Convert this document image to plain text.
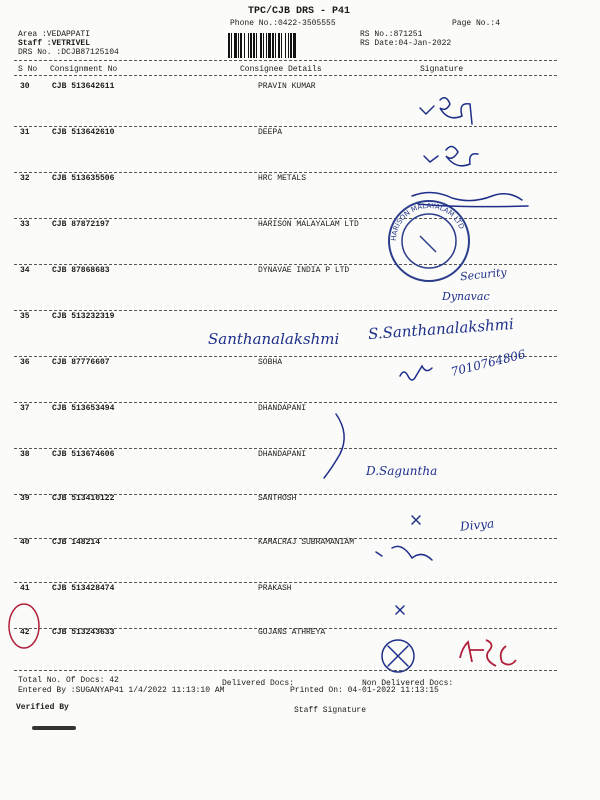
TPC/CJB DRS - P41
Phone No.:0422-3505555	Page No.:4
Area :VEDAPPATI
Staff :VETRIVEL
DRS No. :DCJB87125104
RS No.:871251
RS Date:04-Jan-2022
S No Consignment No	Consignee Details	Signature
30	CJB 513642611	PRAVIN KUMAR
31	CJB 513642610	DEEPA
32	CJB 513635506	HRC METALS
33	CJB 87872197	HARISON MALAYALAM LTD
34	CJB 87868683	DYNAVAE INDIA P LTD
35	CJB 513232319
36	CJB 87776607	SOBHA
37	CJB 513653494	DHANDAPANI
38	CJB 513674606	DHANDAPANI
39	CJB 513410122	SANTHOSH
40	CJB 148214	KAMALRAJ SUBRAMANIAM
41	CJB 513428474	PRAKASH
42	CJB 513243633	GUJANS ATHREYA
HARISON MALAYALAM LTD
Santhanalakshmi S.Santhanalakshmi
7010764806
Security
Dynavac
D.Saguntha
Divya
Total No. Of Docs: 42	Delivered Docs:	Non Delivered Docs:
Entered By :SUGANYAP41 1/4/2022 11:13:10 AM	Printed On: 04-01-2022 11:13:15
Verified By	Staff Signature
